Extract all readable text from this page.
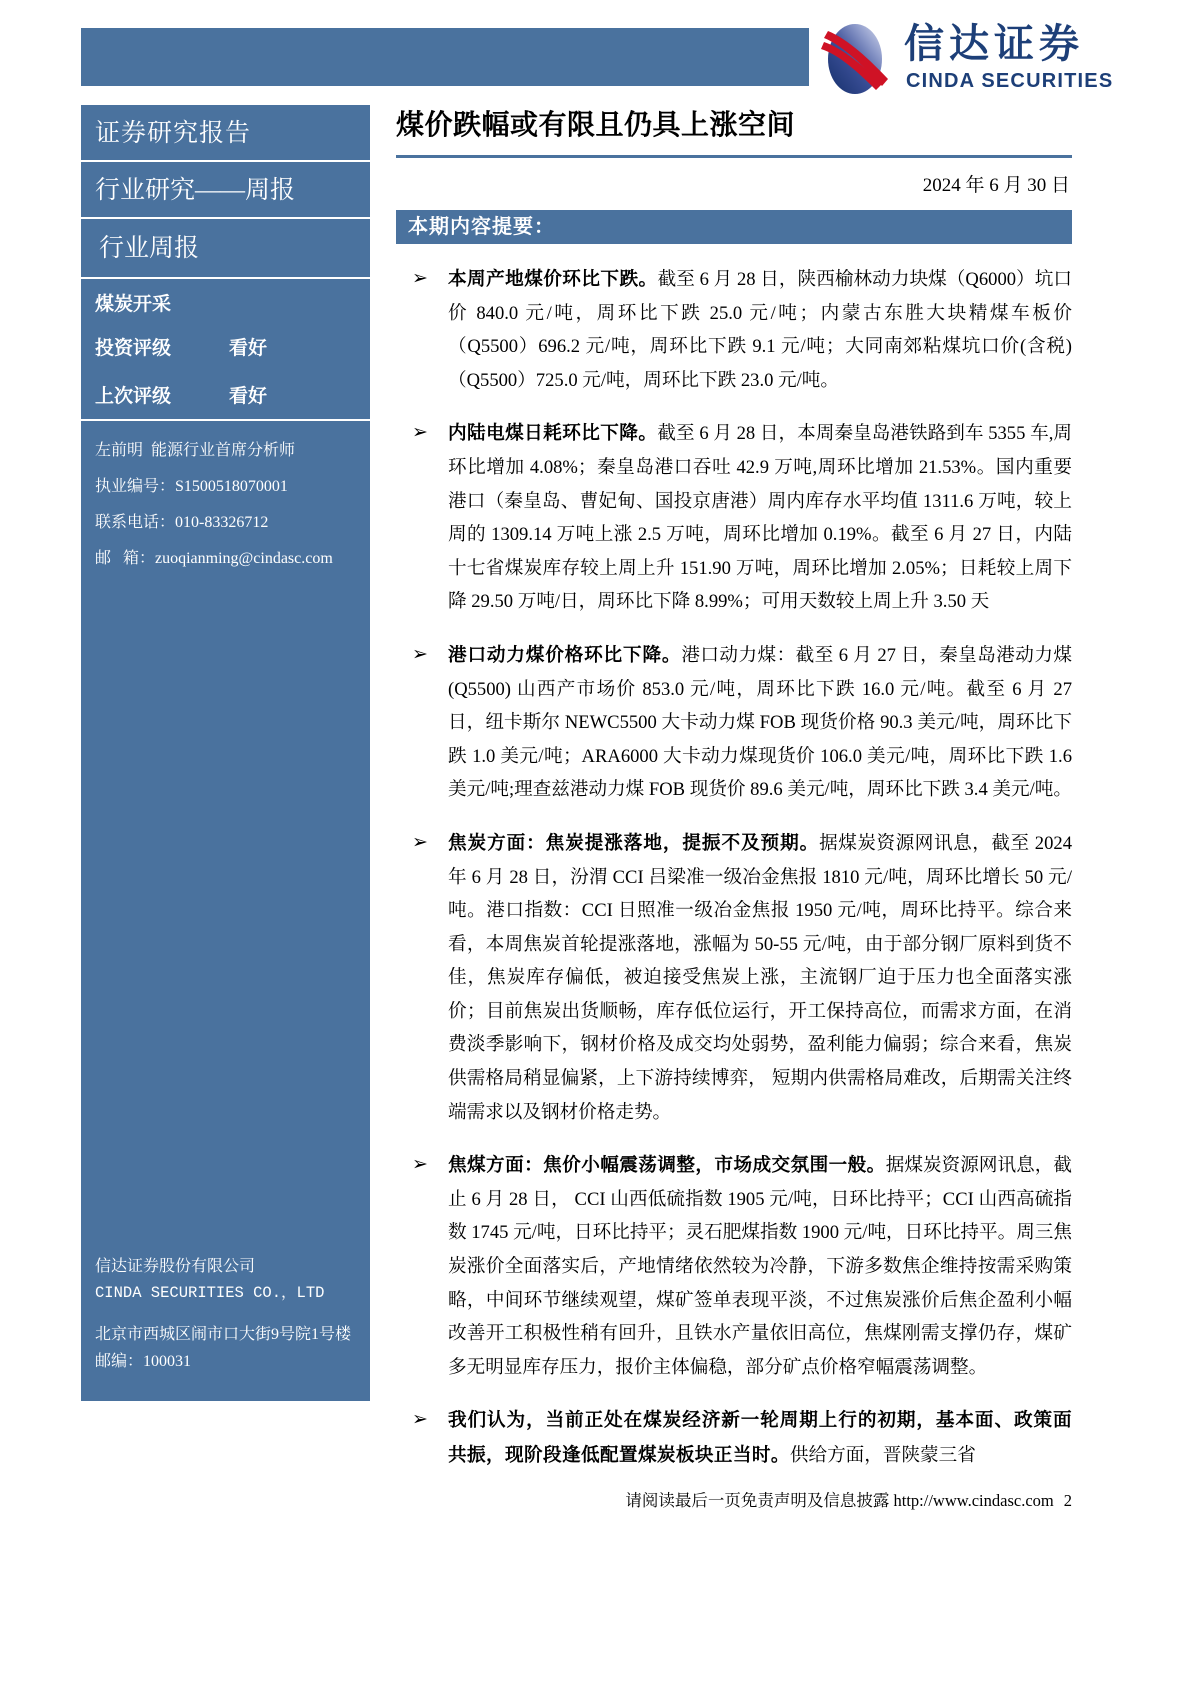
信达证券
CINDA SECURITIES
证券研究报告
行业研究——周报
行业周报
煤炭开采
投资评级	看好
上次评级	看好
左前明  能源行业首席分析师
执业编号：S1500518070001
联系电话：010-83326712
邮   箱：zuoqianming@cindasc.com
信达证券股份有限公司
CINDA SECURITIES CO.，LTD
北京市西城区闹市口大街9号院1号楼
邮编：100031
煤价跌幅或有限且仍具上涨空间
2024 年 6 月 30 日
本期内容提要：
➢ 本周产地煤价环比下跌。截至 6 月 28 日，陕西榆林动力块煤（Q6000）坑口价 840.0 元/吨，周环比下跌 25.0 元/吨；内蒙古东胜大块精煤车板价（Q5500）696.2 元/吨，周环比下跌 9.1 元/吨；大同南郊粘煤坑口价(含税)（Q5500）725.0 元/吨，周环比下跌 23.0 元/吨。
➢ 内陆电煤日耗环比下降。截至 6 月 28 日，本周秦皇岛港铁路到车 5355 车,周环比增加 4.08%；秦皇岛港口吞吐 42.9 万吨,周环比增加 21.53%。国内重要港口（秦皇岛、曹妃甸、国投京唐港）周内库存水平均值 1311.6 万吨，较上周的 1309.14 万吨上涨 2.5 万吨，周环比增加 0.19%。截至 6 月 27 日，内陆十七省煤炭库存较上周上升 151.90 万吨，周环比增加 2.05%；日耗较上周下降 29.50 万吨/日，周环比下降 8.99%；可用天数较上周上升 3.50 天
➢ 港口动力煤价格环比下降。港口动力煤：截至 6 月 27 日，秦皇岛港动力煤(Q5500) 山西产市场价 853.0 元/吨，周环比下跌 16.0 元/吨。截至 6 月 27 日，纽卡斯尔 NEWC5500 大卡动力煤 FOB 现货价格 90.3 美元/吨，周环比下跌 1.0 美元/吨；ARA6000 大卡动力煤现货价 106.0 美元/吨，周环比下跌 1.6 美元/吨;理查兹港动力煤 FOB 现货价 89.6 美元/吨，周环比下跌 3.4 美元/吨。
➢ 焦炭方面：焦炭提涨落地，提振不及预期。据煤炭资源网讯息，截至 2024 年 6 月 28 日，汾渭 CCI 吕梁准一级冶金焦报 1810 元/吨，周环比增长 50 元/吨。港口指数：CCI 日照准一级冶金焦报 1950 元/吨，周环比持平。综合来看，本周焦炭首轮提涨落地，涨幅为 50-55 元/吨，由于部分钢厂原料到货不佳，焦炭库存偏低，被迫接受焦炭上涨，主流钢厂迫于压力也全面落实涨价；目前焦炭出货顺畅，库存低位运行，开工保持高位，而需求方面，在消费淡季影响下，钢材价格及成交均处弱势，盈利能力偏弱；综合来看，焦炭供需格局稍显偏紧，上下游持续博弈， 短期内供需格局难改，后期需关注终端需求以及钢材价格走势。
➢ 焦煤方面：焦价小幅震荡调整，市场成交氛围一般。据煤炭资源网讯息，截止 6 月 28 日， CCI 山西低硫指数 1905 元/吨，日环比持平；CCI 山西高硫指数 1745 元/吨，日环比持平；灵石肥煤指数 1900 元/吨，日环比持平。周三焦炭涨价全面落实后，产地情绪依然较为冷静，下游多数焦企维持按需采购策略，中间环节继续观望，煤矿签单表现平淡，不过焦炭涨价后焦企盈利小幅改善开工积极性稍有回升，且铁水产量依旧高位，焦煤刚需支撑仍存，煤矿多无明显库存压力，报价主体偏稳，部分矿点价格窄幅震荡调整。
➢ 我们认为，当前正处在煤炭经济新一轮周期上行的初期，基本面、政策面共振，现阶段逢低配置煤炭板块正当时。供给方面，晋陕蒙三省
请阅读最后一页免责声明及信息披露 http://www.cindasc.com 2
